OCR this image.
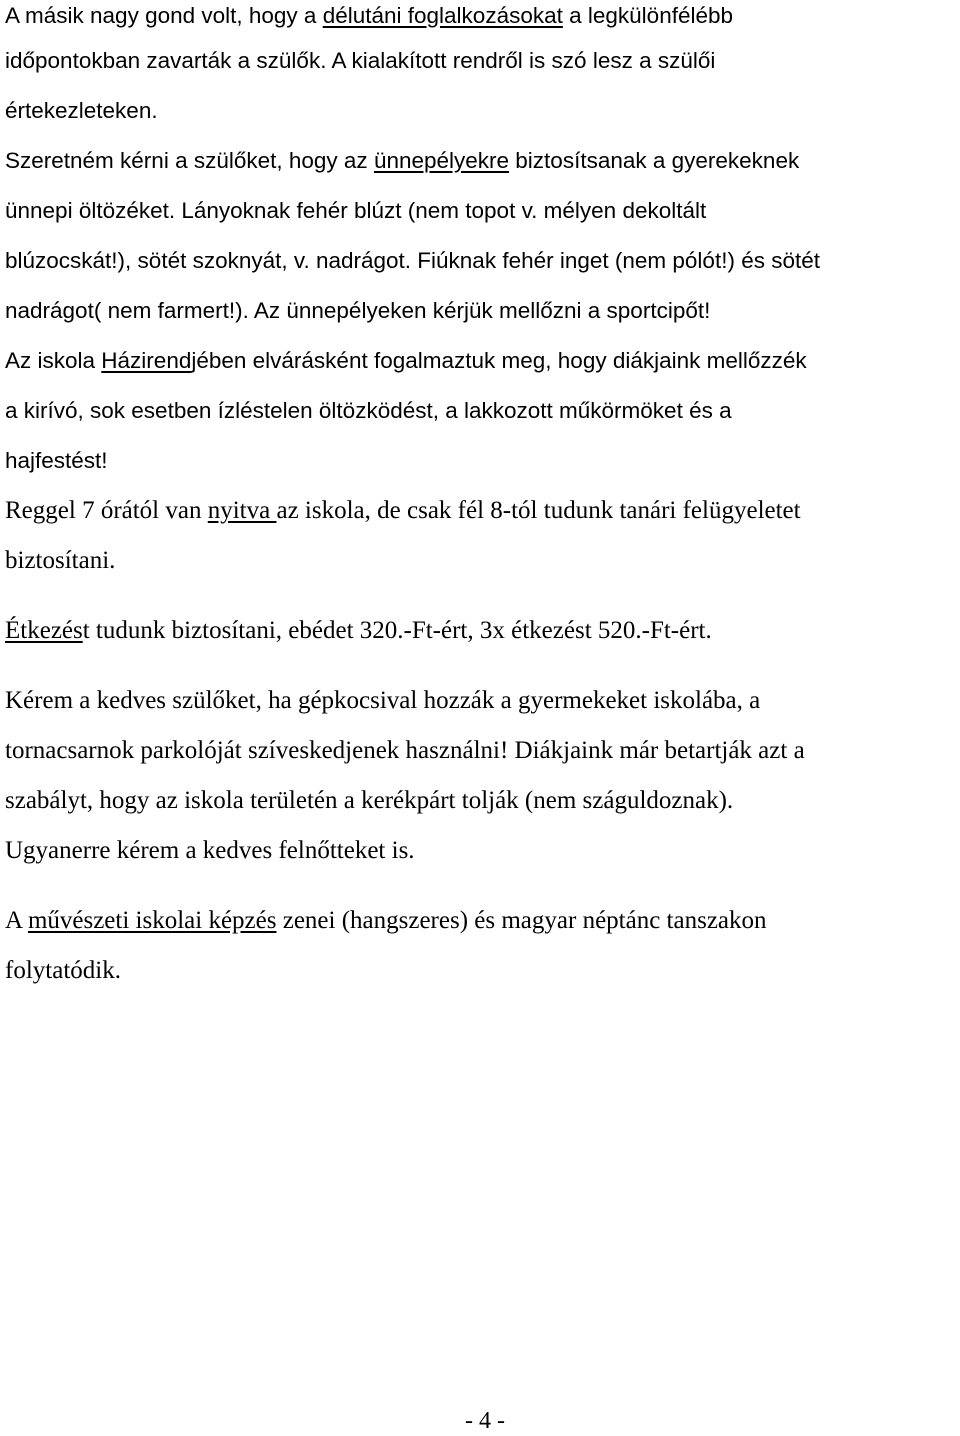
A másik nagy gond volt, hogy a délutáni foglalkozásokat a legkülönfélébb
időpontokban zavarták a szülők. A kialakított rendről is szó lesz a szülői
értekezleteken.
Szeretném kérni a szülőket, hogy az ünnepélyekre biztosítsanak a gyerekeknek
ünnepi öltözéket. Lányoknak fehér blúzt (nem topot v. mélyen dekoltált
blúzocskát!), sötét szoknyát, v. nadrágot. Fiúknak fehér inget (nem pólót!) és sötét
nadrágot( nem farmert!). Az ünnepélyeken kérjük mellőzni a sportcipőt!
Az iskola Házirendjében elvárásként fogalmaztuk meg, hogy diákjaink mellőzzék
a kirívó, sok esetben ízléstelen öltözködést, a lakkozott műkörmöket és a
hajfestést!
Reggel 7 órától van nyitva az iskola, de csak fél 8-tól tudunk tanári felügyeletet
biztosítani.
Étkezést tudunk biztosítani, ebédet 320.-Ft-ért, 3x étkezést 520.-Ft-ért.
Kérem a kedves szülőket, ha gépkocsival hozzák a gyermekeket iskolába, a
tornacsarnok parkolóját szíveskedjenek használni! Diákjaink már betartják azt a
szabályt, hogy az iskola területén a kerékpárt tolják (nem száguldoznak).
Ugyanerre kérem a kedves felnőtteket is.
A művészeti iskolai képzés zenei (hangszeres) és magyar néptánc tanszakon
folytatódik.
- 4 -
